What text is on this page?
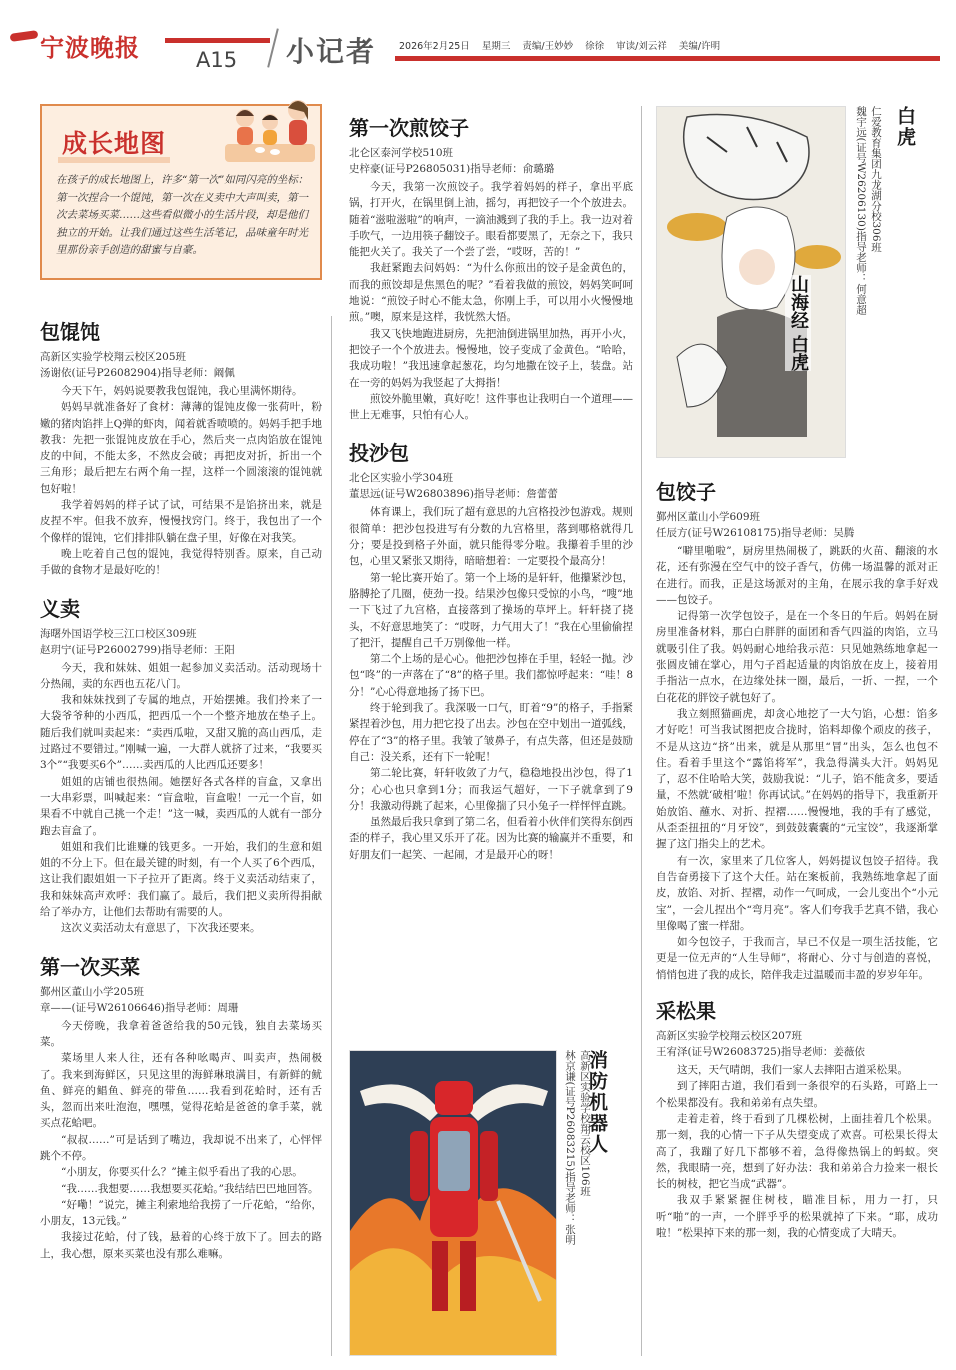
宁波晚报	A15 小记者 2026年2月25日 星期三 责编/王妙妙 徐徐 审读/刘云祥 美编/许明
成长地图
在孩子的成长地图上，许多“第一次”如同闪亮的坐标：第一次捏合一个馄饨，第一次在义卖中大声叫卖，第一次去菜场买菜……这些看似微小的生活片段，却是他们独立的开始。让我们通过这些生活笔记，品味童年时光里那份亲手创造的甜蜜与自豪。
包馄饨
高新区实验学校翔云校区205班
汤谢依(证号P26082904)指导老师：阚佩

今天下午，妈妈说要教我包馄饨，我心里满怀期待。

妈妈早就准备好了食材：薄薄的馄饨皮像一张荷叶，粉嫩的猪肉馅拌上Q弹的虾肉，闻着就香喷喷的。妈妈手把手地教我：先把一张馄饨皮放在手心，然后夹一点肉馅放在馄饨皮的中间，不能太多，不然皮会破；再把皮对折，折出一个三角形；最后把左右两个角一捏，这样一个圆滚滚的馄饨就包好啦！

我学着妈妈的样子试了试，可结果不是馅挤出来，就是皮捏不牢。但我不放弃，慢慢找窍门。终于，我包出了一个个像样的馄饨，它们排排队躺在盘子里，好像在对我笑。

晚上吃着自己包的馄饨，我觉得特别香。原来，自己动手做的食物才是最好吃的！

义卖
海曙外国语学校三江口校区309班
赵玥宁(证号P26002799)指导老师：王阳

今天，我和妹妹、姐姐一起参加义卖活动。活动现场十分热闹，卖的东西也五花八门。

我和妹妹找到了专属的地点，开始摆摊。我们拎来了一大袋爷爷种的小西瓜，把西瓜一个一个整齐地放在垫子上。随后我们就叫卖起来：“卖西瓜啦，又甜又脆的高山西瓜，走过路过不要错过。”刚喊一遍，一大群人就挤了过来，“我要买3个”“我要买6个”……卖西瓜的人比西瓜还要多！

姐姐的店铺也很热闹。她摆好各式各样的盲盒，又拿出一大串彩票，叫喊起来：“盲盒啦，盲盒啦！一元一个盲，如果看不中就自己挑一个走！”这一喊，卖西瓜的人就有一部分跑去盲盒了。

姐姐和我们比谁赚的钱更多。一开始，我们的生意和姐姐的不分上下。但在最关键的时刻，有一个人买了6个西瓜，这让我们跟姐姐一下子拉开了距离。终于义卖活动结束了，我和妹妹高声欢呼：我们赢了。最后，我们把义卖所得捐献给了举办方，让他们去帮助有需要的人。

这次义卖活动太有意思了，下次我还要来。

第一次买菜
鄞州区董山小学205班
章——(证号W26106646)指导老师：周珊

今天傍晚，我拿着爸爸给我的50元钱，独自去菜场买菜。

菜场里人来人往，还有各种吆喝声、叫卖声，热闹极了。我来到海鲜区，只见这里的海鲜琳琅满目，有新鲜的鱿鱼、鲜亮的鲳鱼、鲜亮的带鱼……我看到花蛤时，还有舌头，忽而出来吐泡泡，嘿嘿，觉得花蛤是爸爸的拿手菜，就买点花蛤吧。

“叔叔……”可是话到了嘴边，我却说不出来了，心怦怦跳个不停。

“小朋友，你要买什么？”摊主似乎看出了我的心思。

“我……我想要……我想要买花蛤。”我结结巴巴地回答。

“好嘞！”说完，摊主利索地给我捞了一斤花蛤，“给你，小朋友，13元钱。”

我接过花蛤，付了钱，悬着的心终于放下了。回去的路上，我心想，原来买菜也没有那么难嘛。

第一次煎饺子
北仑区泰河学校510班
史梓豪(证号P26805031)指导老师：俞璐璐

今天，我第一次煎饺子。我学着妈妈的样子，拿出平底锅，打开火，在锅里倒上油，摇匀，再把饺子一个个放进去。随着“滋啦滋啦”的响声，一滴油溅到了我的手上。我一边对着手吹气，一边用筷子翻饺子。眼看都要黑了，无奈之下，我只能把火关了。我关了一个尝了尝，“哎呀，苦的！”

我赶紧跑去问妈妈：“为什么你煎出的饺子是金黄色的，而我的煎饺却是焦黑色的呢？”看着我做的煎饺，妈妈笑呵呵地说：“煎饺子时心不能太急，你刚上手，可以用小火慢慢地煎。”噢，原来是这样，我恍然大悟。

我又飞快地跑进厨房，先把油倒进锅里加热，再开小火，把饺子一个个放进去。慢慢地，饺子变成了金黄色。“哈哈，我成功啦！”我迅速拿起葱花，均匀地撒在饺子上，装盘。站在一旁的妈妈为我竖起了大拇指！

煎饺外脆里嫩，真好吃！这件事也让我明白一个道理——世上无难事，只怕有心人。

投沙包
北仑区实验小学304班
董思远(证号W26803896)指导老师：詹蕾蕾

体育课上，我们玩了超有意思的九宫格投沙包游戏。规则很简单：把沙包投进写有分数的九宫格里，落到哪格就得几分；要是投到格子外面，就只能得零分啦。我攥着手里的沙包，心里又紧张又期待，暗暗想着：一定要投个最高分！

第一轮比赛开始了。第一个上场的是轩轩，他攥紧沙包，胳膊抡了几圈，使劲一投。结果沙包像只受惊的小鸟，“嗖”地一下飞过了九宫格，直接落到了操场的草坪上。轩轩挠了挠头，不好意思地笑了：“哎呀，力气用大了！”我在心里偷偷捏了把汗，提醒自己千万别像他一样。

第二个上场的是心心。他把沙包捧在手里，轻轻一抛。沙包“咚”的一声落在了“8”的格子里。我们都惊呼起来：“哇！8分！”心心得意地扬了扬下巴。

终于轮到我了。我深吸一口气，盯着“9”的格子，手指紧紧捏着沙包，用力把它投了出去。沙包在空中划出一道弧线，停在了“3”的格子里。我皱了皱鼻子，有点失落，但还是鼓励自己：没关系，还有下一轮呢！

第二轮比赛，轩轩收敛了力气，稳稳地投出沙包，得了1分；心心也只拿到1分；而我运气超好，一下子就拿到了9分！我激动得跳了起来，心里像揣了只小兔子一样怦怦直跳。

虽然最后我只拿到了第二名，但看着小伙伴们笑得东倒西歪的样子，我心里又乐开了花。因为比赛的输赢并不重要，和好朋友们一起笑、一起闹，才是最开心的呀！

消防机器人
高新区实验学校翔云校区106班
林京谦(证号P26083215)指导老师：张明
山海经 白虎
白虎
仁爱教育集团九龙湖分校306班
魏宇远(证号W26206130)指导老师：何意超
包饺子
鄞州区董山小学609班
任辰方(证号W26108175)指导老师：吴腾

“噼里啪啦”，厨房里热闹极了，跳跃的火苗、翻滚的水花，还有弥漫在空气中的饺子香气，仿佛一场温馨的派对正在进行。而我，正是这场派对的主角，在展示我的拿手好戏——包饺子。

记得第一次学包饺子，是在一个冬日的午后。妈妈在厨房里准备材料，那白白胖胖的面团和香气四溢的肉馅，立马就吸引住了我。妈妈耐心地给我示范：只见她熟练地拿起一张圆皮铺在掌心，用勺子舀起适量的肉馅放在皮上，接着用手指沾一点水，在边缘处抹一圈，最后，一折、一捏，一个白花花的胖饺子就包好了。

我立刻照猫画虎，却贪心地挖了一大勺馅，心想：馅多才好吃！可当我试图把皮合拢时，馅料却像个顽皮的孩子，不是从这边“挤”出来，就是从那里“冒”出头，怎么也包不住。看着手里这个“露馅将军”，我急得满头大汗。妈妈见了，忍不住哈哈大笑，鼓励我说：“儿子，馅不能贪多，要适量，不然就‘破相’啦！你再试试。”在妈妈的指导下，我重新开始放馅、蘸水、对折、捏褶……慢慢地，我的手有了感觉，从歪歪扭扭的“月牙饺”，到鼓鼓囊囊的“元宝饺”，我逐渐掌握了这门指尖上的艺术。

有一次，家里来了几位客人，妈妈提议包饺子招待。我自告奋勇接下了这个大任。站在案板前，我熟练地拿起了面皮，放馅、对折、捏褶，动作一气呵成，一会儿变出个“小元宝”，一会儿捏出个“弯月亮”。客人们夸我手艺真不错，我心里像喝了蜜一样甜。

如今包饺子，于我而言，早已不仅是一项生活技能，它更是一位无声的“人生导师”，将耐心、分寸与创造的喜悦，悄悄包进了我的成长，陪伴我走过温暖而丰盈的岁岁年年。

采松果
高新区实验学校翔云校区207班
王宥泽(证号W26083725)指导老师：姜薇依

这天，天气晴朗，我们一家人去摔阳古道采松果。

到了摔阳古道，我们看到一条很窄的石头路，可路上一个松果都没有。我和弟弟有点失望。

走着走着，终于看到了几棵松树，上面挂着几个松果。那一刻，我的心情一下子从失望变成了欢喜。可松果长得太高了，我蹦了好几下都够不着，急得像热锅上的蚂蚁。突然，我眼睛一亮，想到了好办法：我和弟弟合力捡来一根长长的树枝，把它当成“武器”。

我双手紧紧握住树枝，瞄准目标，用力一打，只听“啪”的一声，一个胖乎乎的松果就掉了下来。“耶，成功啦！”松果掉下来的那一刻，我的心情变成了大晴天。
